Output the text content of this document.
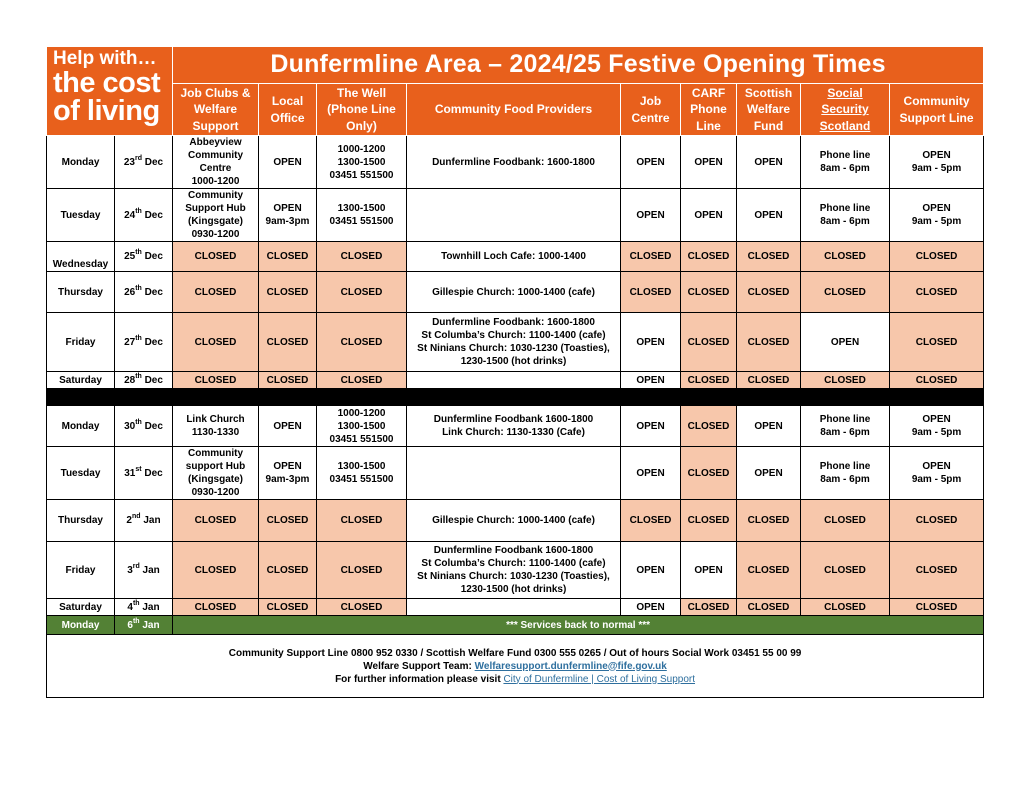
Help with…
the cost
of living		Dunfermline Area – 2024/25 Festive Opening Times								
		Job Clubs &
Welfare
Support	Local
Office	The Well
(Phone Line
Only)	Community Food Providers	Job
Centre	CARF
Phone
Line	Scottish
Welfare
Fund	Social
Security
Scotland	Community
Support Line
Monday	23rd Dec	Abbeyview
Community Centre
1000-1200	OPEN	1000-1200
1300-1500
03451 551500	Dunfermline Foodbank: 1600-1800	OPEN	OPEN	OPEN	Phone line
8am - 6pm	OPEN
9am - 5pm
Tuesday	24th Dec	Community
Support Hub
(Kingsgate)
0930-1200	OPEN
9am-3pm	1300-1500
03451 551500		OPEN	OPEN	OPEN	Phone line
8am - 6pm	OPEN
9am - 5pm
Wednesday	25th Dec	CLOSED	CLOSED	CLOSED	Townhill Loch Cafe: 1000-1400	CLOSED	CLOSED	CLOSED	CLOSED	CLOSED
Thursday	26th Dec	CLOSED	CLOSED	CLOSED	Gillespie Church: 1000-1400 (cafe)	CLOSED	CLOSED	CLOSED	CLOSED	CLOSED
Friday	27th Dec	CLOSED	CLOSED	CLOSED	Dunfermline Foodbank: 1600-1800
St Columba’s Church: 1100-1400 (cafe)
St Ninians Church: 1030-1230 (Toasties),
1230-1500 (hot drinks)	OPEN	CLOSED	CLOSED	OPEN	CLOSED
Saturday	28th Dec	CLOSED	CLOSED	CLOSED		OPEN	CLOSED	CLOSED	CLOSED	CLOSED

Monday	30th Dec	Link Church
1130-1330	OPEN	1000-1200
1300-1500
03451 551500	Dunfermline Foodbank 1600-1800
Link Church: 1130-1330 (Cafe)	OPEN	CLOSED	OPEN	Phone line
8am - 6pm	OPEN
9am - 5pm
Tuesday	31st Dec	Community
support Hub
(Kingsgate)
0930-1200	OPEN
9am-3pm	1300-1500
03451 551500		OPEN	CLOSED	OPEN	Phone line
8am - 6pm	OPEN
9am - 5pm
Thursday	2nd Jan	CLOSED	CLOSED	CLOSED	Gillespie Church: 1000-1400 (cafe)	CLOSED	CLOSED	CLOSED	CLOSED	CLOSED
Friday	3rd Jan	CLOSED	CLOSED	CLOSED	Dunfermline Foodbank 1600-1800
St Columba’s Church: 1100-1400 (cafe)
St Ninians Church: 1030-1230 (Toasties),
1230-1500 (hot drinks)	OPEN	OPEN	CLOSED	CLOSED	CLOSED
Saturday	4th Jan	CLOSED	CLOSED	CLOSED		OPEN	CLOSED	CLOSED	CLOSED	CLOSED
Monday	6th Jan	*** Services back to normal ***								
Community Support Line 0800 952 0330 / Scottish Welfare Fund 0300 555 0265 / Out of hours Social Work 03451 55 00 99
Welfare Support Team: Welfaresupport.dunfermline@fife.gov.uk
For further information please visit City of Dunfermline | Cost of Living Support										
